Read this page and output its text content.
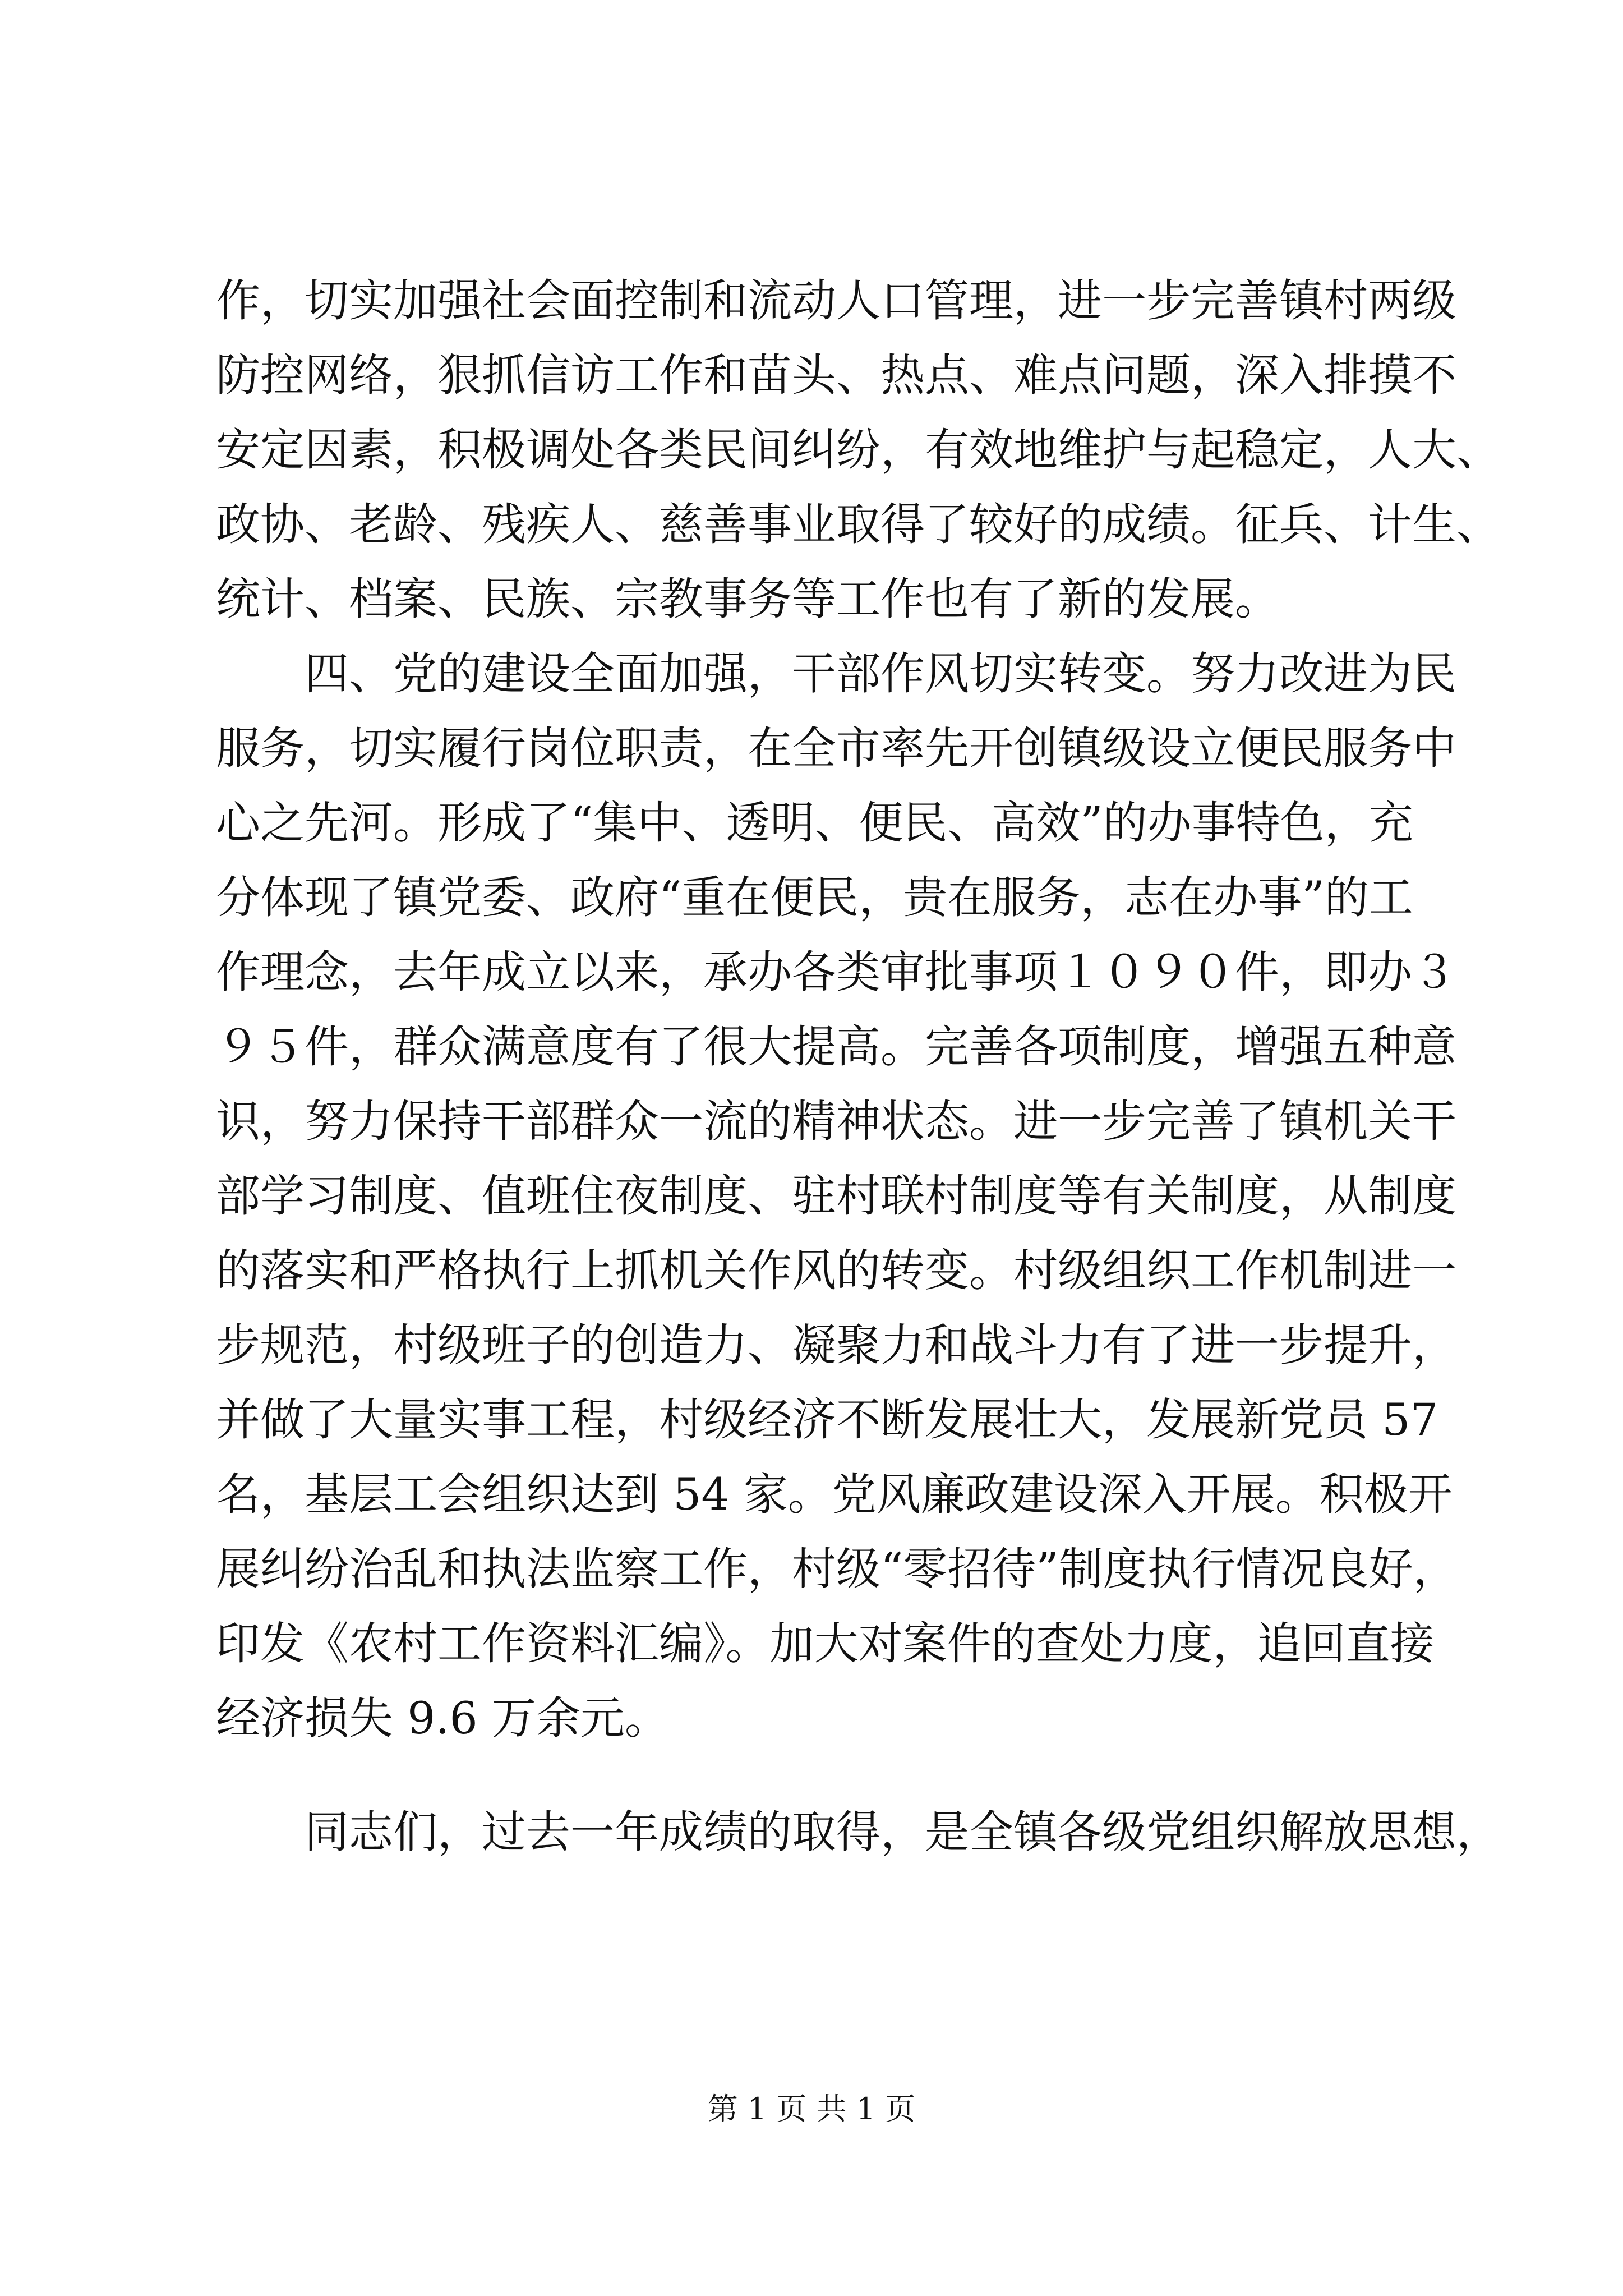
作，切实加强社会面控制和流动人口管理，进一步完善镇村两级
防控网络，狠抓信访工作和苗头、热点、难点问题，深入排摸不
安定因素，积极调处各类民间纠纷，有效地维护与起稳定，人大、
政协、老龄、残疾人、慈善事业取得了较好的成绩。征兵、计生、
统计、档案、民族、宗教事务等工作也有了新的发展。
　　四、党的建设全面加强，干部作风切实转变。努力改进为民
服务，切实履行岗位职责，在全市率先开创镇级设立便民服务中
心之先河。形成了“集中、透明、便民、高效”的办事特色，充
分体现了镇党委、政府“重在便民，贵在服务，志在办事”的工
作理念，去年成立以来，承办各类审批事项１０９０件，即办３
９５件，群众满意度有了很大提高。完善各项制度，增强五种意
识，努力保持干部群众一流的精神状态。进一步完善了镇机关干
部学习制度、值班住夜制度、驻村联村制度等有关制度，从制度
的落实和严格执行上抓机关作风的转变。村级组织工作机制进一
步规范，村级班子的创造力、凝聚力和战斗力有了进一步提升，
并做了大量实事工程，村级经济不断发展壮大，发展新党员 57
名，基层工会组织达到 54 家。党风廉政建设深入开展。积极开
展纠纷治乱和执法监察工作，村级“零招待”制度执行情况良好，
印发《农村工作资料汇编》。加大对案件的查处力度，追回直接
经济损失 9.6 万余元。
　　同志们，过去一年成绩的取得，是全镇各级党组织解放思想，
第 1 页 共 1 页
